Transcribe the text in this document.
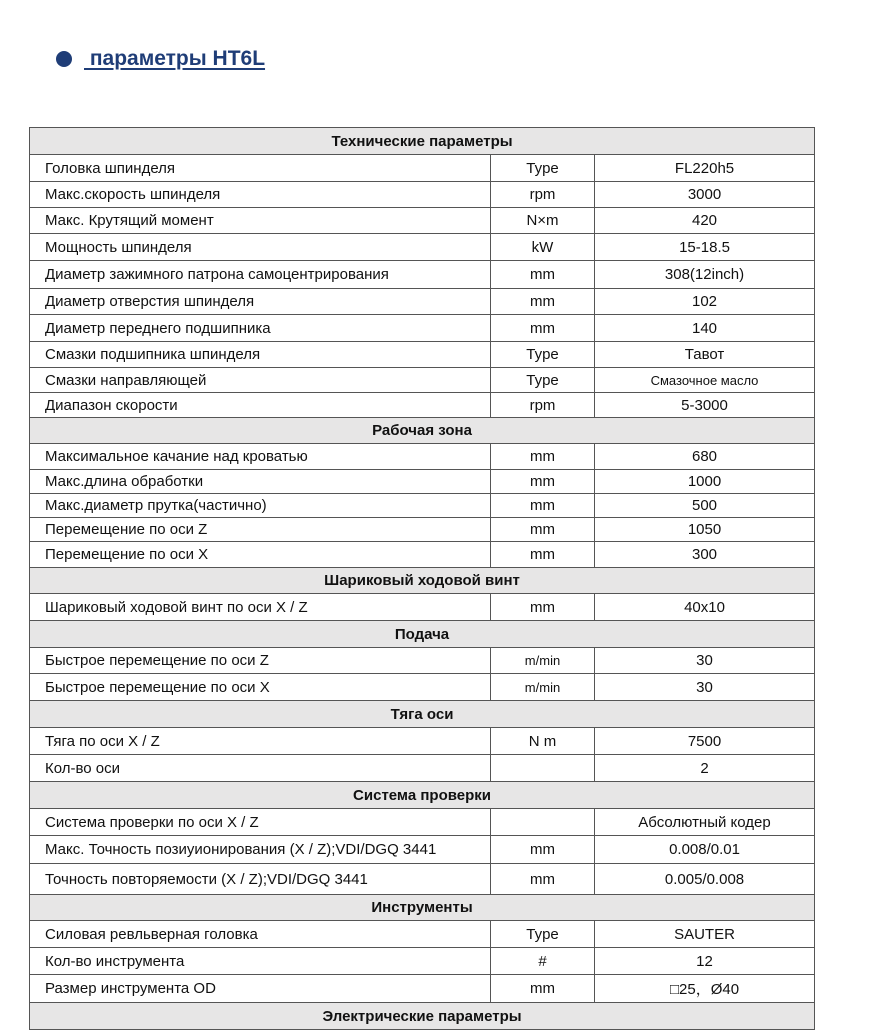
параметры HT6L
Технические параметры		
Головка шпинделя	Type	FL220h5
Макс.скорость шпинделя	rpm	3000
Макс. Крутящий момент	N×m	420
Мощность шпинделя	kW	15-18.5
Диаметр зажимного патрона самоцентрирования	mm	308(12inch)
Диаметр отверстия шпинделя	mm	102
Диаметр переднего подшипника	mm	140
Смазки подшипника шпинделя	Type	Тавот
Смазки направляющей	Type	Смазочное масло
Диапазон скорости	rpm	5-3000
Рабочая зона		
Максимальное качание над кроватью	mm	680
Макс.длина обработки	mm	1000
Макс.диаметр прутка(частично)	mm	500
Перемещение по оси Z	mm	1050
Перемещение по оси X	mm	300
Шариковый ходовой винт		
Шариковый ходовой винт по оси X / Z	mm	40x10
Подача		
Быстрое перемещение по оси Z	m/min	30
Быстрое перемещение по оси X	m/min	30
Тяга оси		
Тяга по оси X / Z	N m	7500
Кол-во оси		2
Система проверки		
Система проверки по оси X / Z		Абсолютный кодер
Макс. Точность позиуионирования (X / Z);VDI/DGQ 3441	mm	0.008/0.01
Точность повторяемости (X / Z);VDI/DGQ 3441	mm	0.005/0.008
Инструменты		
Силовая ревльверная головка	Type	SAUTER
Кол-во инструмента	#	12
Размер инструмента OD	mm	□25，Ø40
Электрические параметры		
